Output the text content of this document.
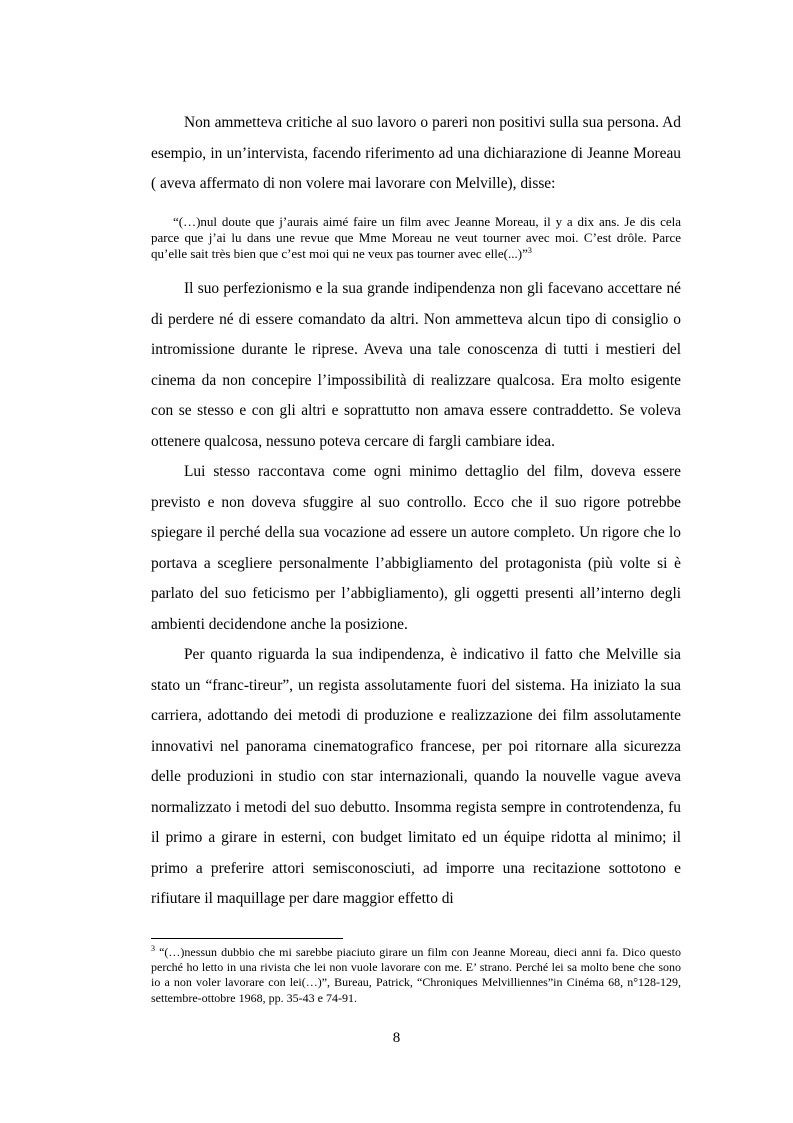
Non ammetteva critiche al suo lavoro o pareri non positivi sulla sua persona. Ad esempio, in un’intervista, facendo riferimento ad una dichiarazione di Jeanne Moreau ( aveva affermato di non volere mai lavorare con Melville), disse:

“(…)nul doute que j’aurais aimé faire un film avec Jeanne Moreau, il y a dix ans. Je dis cela parce que j’ai lu dans une revue que Mme Moreau ne veut tourner avec moi. C’est drôle. Parce qu’elle sait très bien que c’est moi qui ne veux pas tourner avec elle(...)”$^3$

Il suo perfezionismo e la sua grande indipendenza non gli facevano accettare né di perdere né di essere comandato da altri. Non ammetteva alcun tipo di consiglio o intromissione durante le riprese. Aveva una tale conoscenza di tutti i mestieri del cinema da non concepire l’impossibilità di realizzare qualcosa. Era molto esigente con se stesso e con gli altri e soprattutto non amava essere contraddetto. Se voleva ottenere qualcosa, nessuno poteva cercare di fargli cambiare idea.

Lui stesso raccontava come ogni minimo dettaglio del film, doveva essere previsto e non doveva sfuggire al suo controllo. Ecco che il suo rigore potrebbe spiegare il perché della sua vocazione ad essere un autore completo. Un rigore che lo portava a scegliere personalmente l’abbigliamento del protagonista (più volte si è parlato del suo feticismo per l’abbigliamento), gli oggetti presenti all’interno degli ambienti decidendone anche la posizione.

Per quanto riguarda la sua indipendenza, è indicativo il fatto che Melville sia stato un “franc-tireur”, un regista assolutamente fuori del sistema. Ha iniziato la sua carriera, adottando dei metodi di produzione e realizzazione dei film assolutamente innovativi nel panorama cinematografico francese, per poi ritornare alla sicurezza delle produzioni in studio con star internazionali, quando la nouvelle vague aveva normalizzato i metodi del suo debutto. Insomma regista sempre in controtendenza, fu il primo a girare in esterni, con budget limitato ed un équipe ridotta al minimo; il primo a preferire attori semisconosciuti, ad imporre una recitazione sottotono e rifiutare il maquillage per dare maggior effetto di

$^3$ “(…)nessun dubbio che mi sarebbe piaciuto girare un film con Jeanne Moreau, dieci anni fa. Dico questo perché ho letto in una rivista che lei non vuole lavorare con me. E’ strano. Perché lei sa molto bene che sono io a non voler lavorare con lei(…)”, Bureau, Patrick, “Chroniques Melvilliennes”in Cinéma 68, n°128-129, settembre-ottobre 1968, pp. 35-43 e 74-91.

8
